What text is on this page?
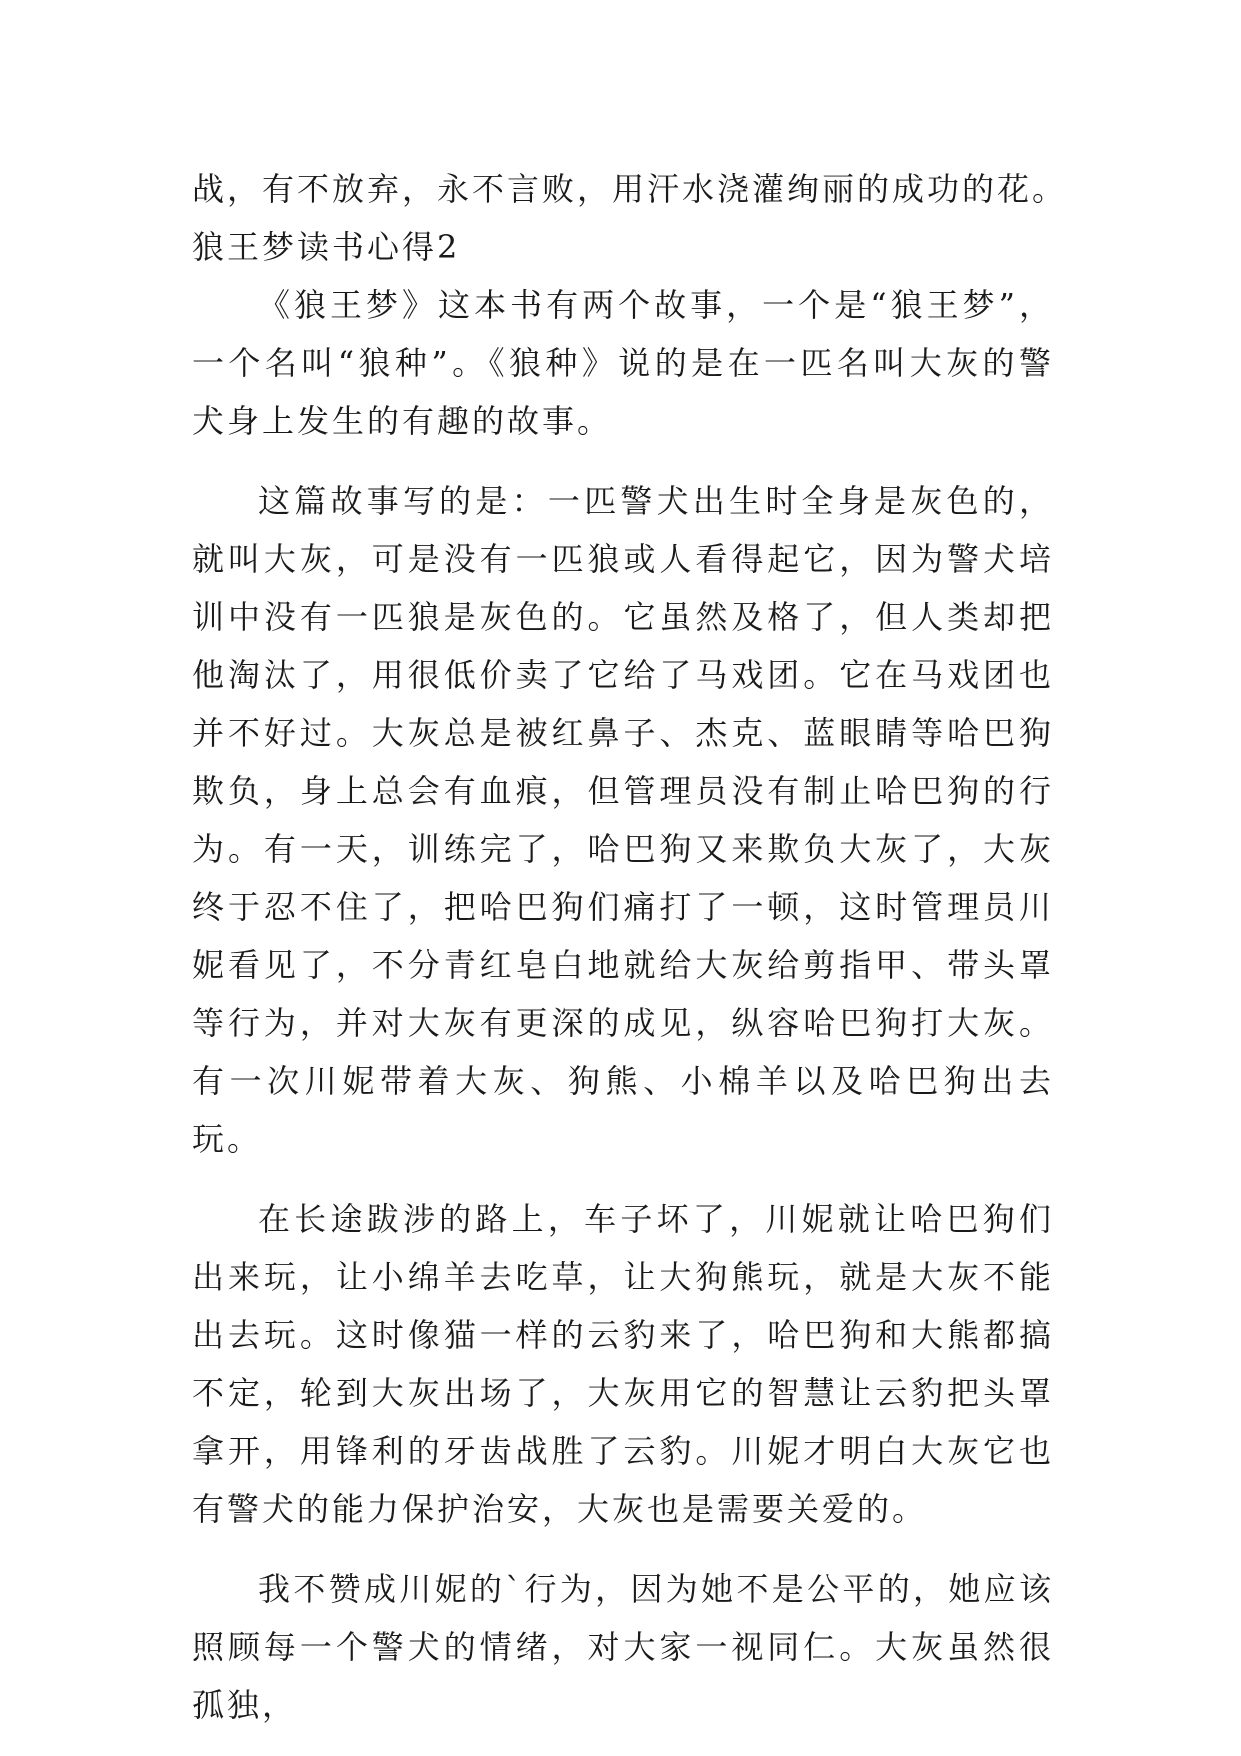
战，有不放弃，永不言败，用汗水浇灌绚丽的成功的花。

狼王梦读书心得2

《狼王梦》这本书有两个故事，一个是“狼王梦”，一个名叫“狼种”。《狼种》说的是在一匹名叫大灰的警犬身上发生的有趣的故事。

这篇故事写的是：一匹警犬出生时全身是灰色的，就叫大灰，可是没有一匹狼或人看得起它，因为警犬培训中没有一匹狼是灰色的。它虽然及格了，但人类却把他淘汰了，用很低价卖了它给了马戏团。它在马戏团也并不好过。大灰总是被红鼻子、杰克、蓝眼睛等哈巴狗欺负，身上总会有血痕，但管理员没有制止哈巴狗的行为。有一天，训练完了，哈巴狗又来欺负大灰了，大灰终于忍不住了，把哈巴狗们痛打了一顿，这时管理员川妮看见了，不分青红皂白地就给大灰给剪指甲、带头罩等行为，并对大灰有更深的成见，纵容哈巴狗打大灰。有一次川妮带着大灰、狗熊、小棉羊以及哈巴狗出去玩。

在长途跋涉的路上，车子坏了，川妮就让哈巴狗们出来玩，让小绵羊去吃草，让大狗熊玩，就是大灰不能出去玩。这时像猫一样的云豹来了，哈巴狗和大熊都搞不定，轮到大灰出场了，大灰用它的智慧让云豹把头罩拿开，用锋利的牙齿战胜了云豹。川妮才明白大灰它也有警犬的能力保护治安，大灰也是需要关爱的。

我不赞成川妮的`行为，因为她不是公平的，她应该照顾每一个警犬的情绪，对大家一视同仁。大灰虽然很孤独，
